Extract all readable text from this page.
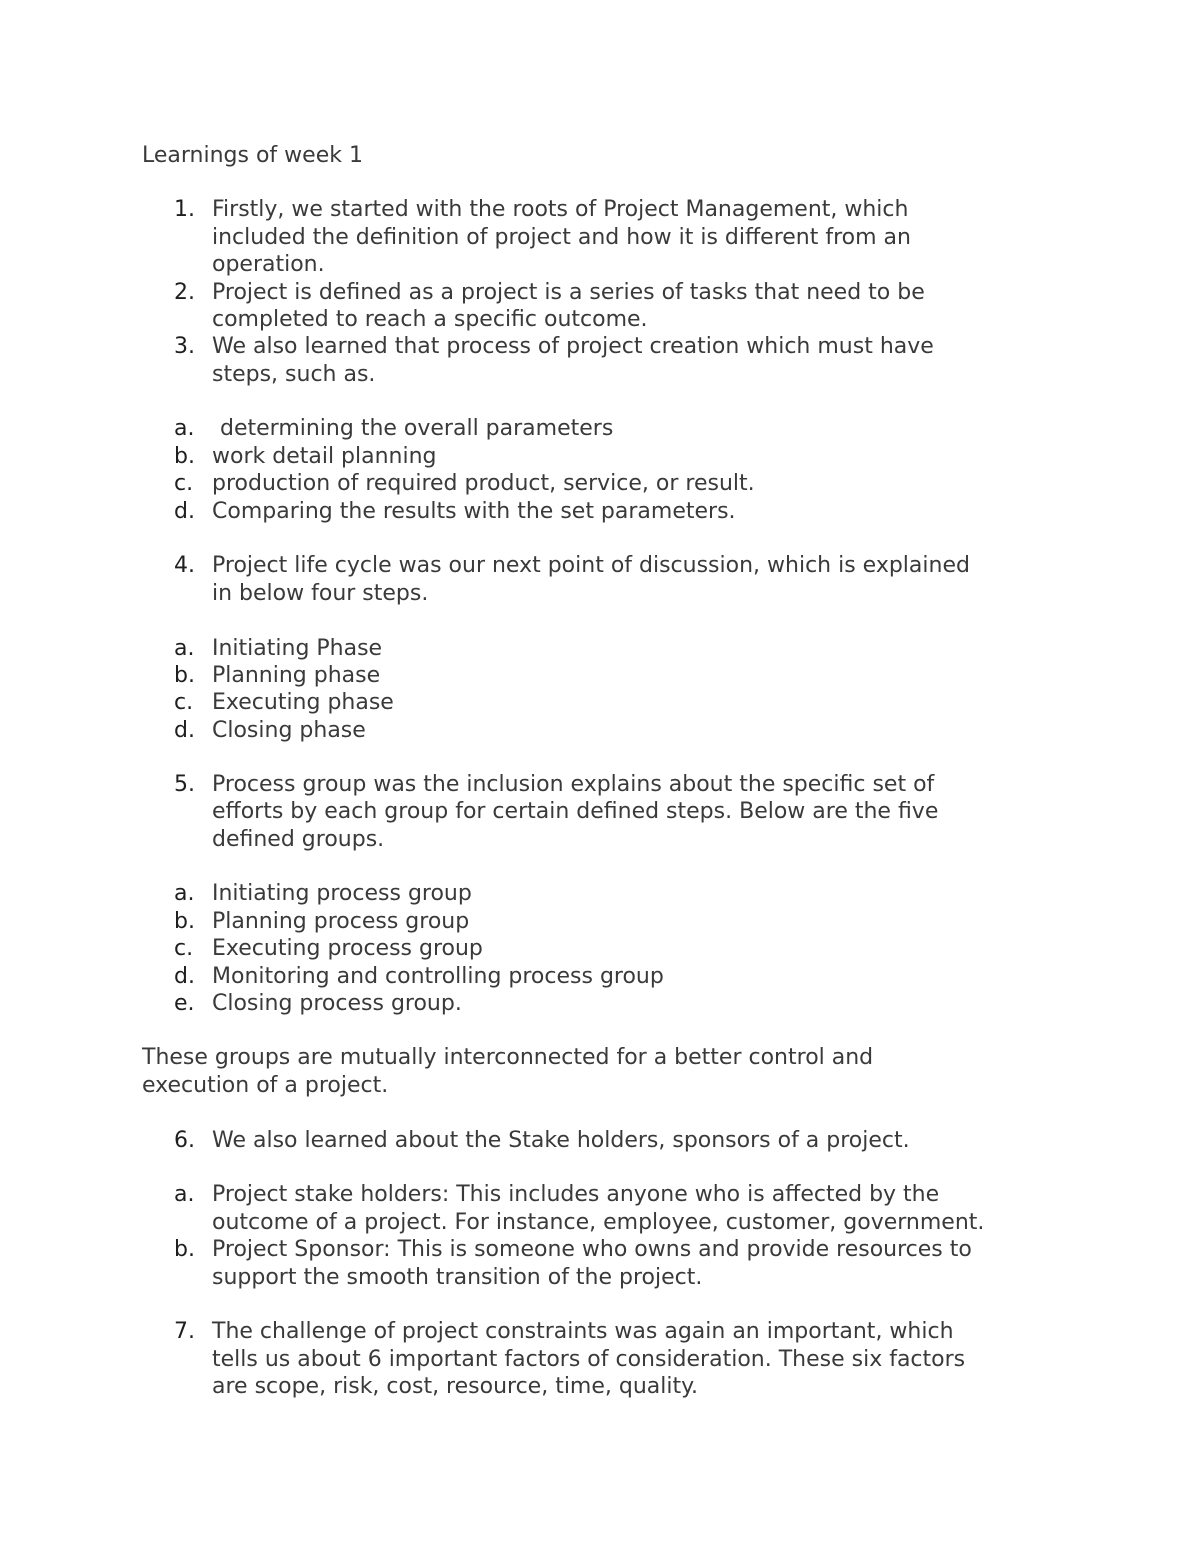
Learnings of week 1
1. Firstly, we started with the roots of Project Management, which
included the definition of project and how it is different from an
operation.
2. Project is defined as a project is a series of tasks that need to be
completed to reach a specific outcome.
3. We also learned that process of project creation which must have
steps, such as.
a. determining the overall parameters
b. work detail planning
c. production of required product, service, or result.
d. Comparing the results with the set parameters.
4. Project life cycle was our next point of discussion, which is explained
in below four steps.
a. Initiating Phase
b. Planning phase
c. Executing phase
d. Closing phase
5. Process group was the inclusion explains about the specific set of
efforts by each group for certain defined steps. Below are the five
defined groups.
a. Initiating process group
b. Planning process group
c. Executing process group
d. Monitoring and controlling process group
e. Closing process group.
These groups are mutually interconnected for a better control and
execution of a project.
6. We also learned about the Stake holders, sponsors of a project.
a. Project stake holders: This includes anyone who is affected by the
outcome of a project. For instance, employee, customer, government.
b. Project Sponsor: This is someone who owns and provide resources to
support the smooth transition of the project.
7. The challenge of project constraints was again an important, which
tells us about 6 important factors of consideration. These six factors
are scope, risk, cost, resource, time, quality.
